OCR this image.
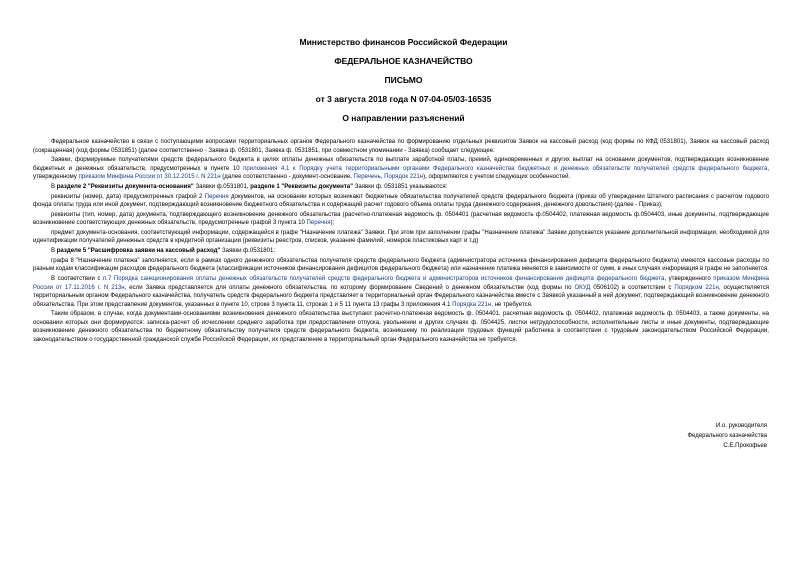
Министерство финансов Российской Федерации
ФЕДЕРАЛЬНОЕ КАЗНАЧЕЙСТВО
ПИСЬМО
от 3 августа 2018 года N 07-04-05/03-16535
О направлении разъяснений

Федеральное казначейство в связи с поступающими вопросами территориальных органов Федерального казначейства по формированию отдельных реквизитов Заявок на кассовый расход (код формы по КФД 0531801), Заявок на кассовый расход (сокращенная) (код формы 0531851) (далее соответственно - Заявка ф. 0531801, Заявка ф. 0531851, при совместном упоминании - Заявка) сообщает следующее.

Заявки, формируемые получателями средств федерального бюджета в целях оплаты денежных обязательств по выплате заработной платы, премий, единовременных и других выплат на основании документов, подтверждающих возникновение бюджетных и денежных обязательств, предусмотренных в пункте 10 приложения 4.1 к Порядку учета территориальными органами Федерального казначейства бюджетных и денежных обязательств получателей средств федерального бюджета, утвержденному приказом Минфина России от 30.12.2015 г. N 221н (далее соответственно - документ-основание, Перечень, Порядок 221н), оформляются с учетом следующих особенностей.

В разделе 2 "Реквизиты документа-основания" Заявки ф.0531801, разделе 1 "Реквизиты документа" Заявки ф. 0531851 указываются:

реквизиты (номер, дата) предусмотренных графой 2 Перечня документов, на основании которых возникают бюджетные обязательства получателей средств федерального бюджета (приказ об утверждении Штатного расписания с расчетом годового фонда оплаты труда или иной документ, подтверждающий возникновение бюджетного обязательства и содержащий расчет годового объема оплаты труда (денежного содержания, денежного довольствия) (далее - Приказ);

реквизиты (тип, номер, дата) документа, подтверждающего возникновение денежного обязательства (расчетно-платежная ведомость ф. 0504401 (расчетная ведомость ф.0504402, платежная ведомость ф.0504403, иные документы, подтверждающие возникновение соответствующих денежных обязательств, предусмотренные графой 3 пункта 10 Перечня);

предмет документа-основания, соответствующий информации, содержащейся в графе "Назначение платежа" Заявки. При этом при заполнении графы "Назначение платежа" Заявки допускается указание дополнительной информации, необходимой для идентификации получателей денежных средств в кредитной организации (реквизиты реестров, списков, указание фамилий, номеров пластиковых карт и т.д)

В разделе 5 "Расшифровка заявки на кассовый расход" Заявки ф.0531801:

графа 8 "Назначение платежа" заполняется, если в рамках одного денежного обязательства получателя средств федерального бюджета (администратора источника финансирования дефицита федерального бюджета) имеются кассовые расходы по разным кодам классификации расходов федерального бюджета (классификации источников финансирования дефицитов федерального бюджета) или назначение платежа меняется в зависимости от сумм, в иных случаях информация в графе не заполняется.

В соответствии с п.7 Порядка санкционирования оплаты денежных обязательств получателей средств федерального бюджета и администраторов источников финансирования дефицита федерального бюджета, утвержденного приказом Минфина России от 17.11.2016 г. N 213н, если Заявка представляется для оплаты денежного обязательства, по которому формирование Сведений о денежном обязательстве (код формы по ОКУД 0506102) в соответствии с Порядком 221н, осуществляется территориальным органом Федерального казначейства, получатель средств федерального бюджета представляет в территориальный орган Федерального казначейства вместе с Заявкой указанный в ней документ, подтверждающий возникновение денежного обязательства. При этом представление документов, указанных в пункте 10, строке 3 пункта 11, строках 1 и 5 11 пункта 13 графы 3 приложения 4.1 Порядка 221н, не требуется.

Таким образом, в случае, когда документами-основаниями возникновения денежного обязательства выступают расчетно-платежная ведомость ф. 0504401, расчетная ведомость ф. 0504402, платежная ведомость ф. 0504403, а также документы, на основании которых они формируются: записка-расчет об исчислении среднего заработка при предоставлении отпуска, увольнении и других случаях ф. 0504425, листки нетрудоспособности, исполнительные листы и иные документы, подтверждающие возникновение денежного обязательства по бюджетному обязательству получателя средств федерального бюджета, возникшему по реализации трудовых функций работника в соответствии с трудовым законодательством Российской Федерации, законодательством о государственной гражданской службе Российской Федерации, их представление в территориальный орган Федерального казначейства не требуется.

И.о. руководителя
Федерального казначейства
С.Е.Прокофьев
